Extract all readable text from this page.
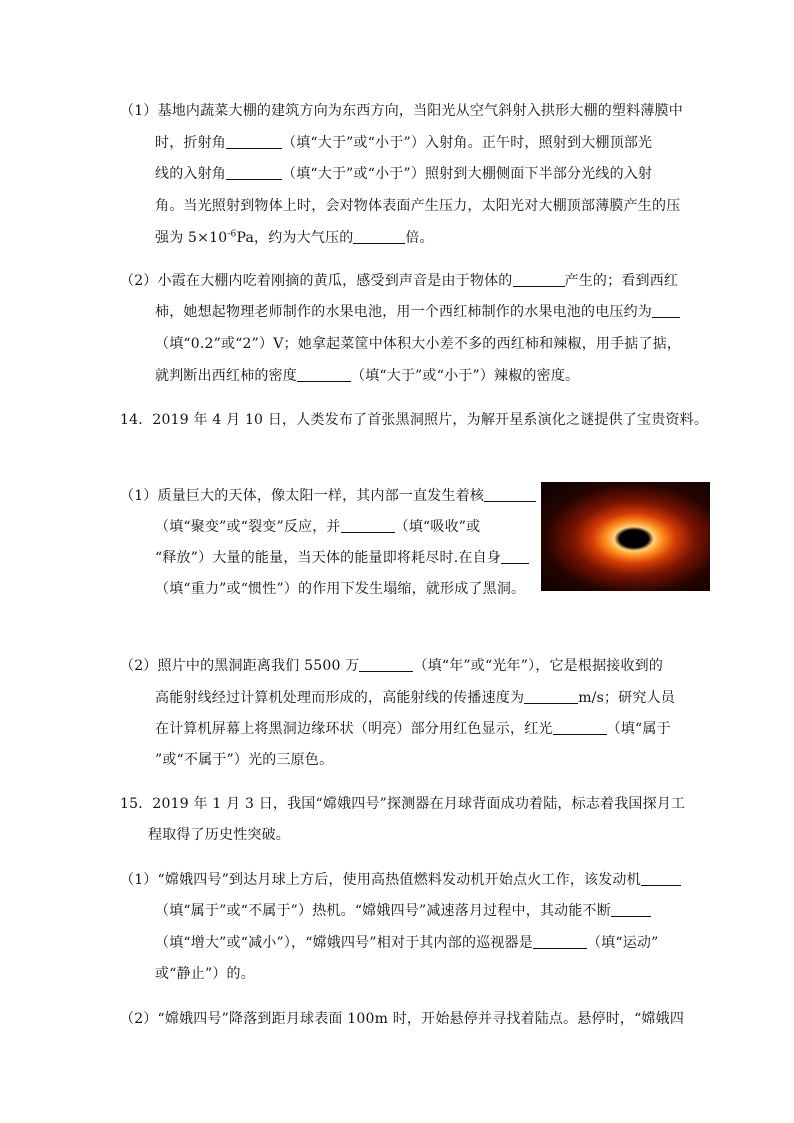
（1）基地内蔬菜大棚的建筑方向为东西方向，当阳光从空气斜射入拱形大棚的塑料薄膜中
时，折射角	（填“大于”或“小于”）入射角。正午时，照射到大棚顶部光
线的入射角	（填“大于”或“小于”）照射到大棚侧面下半部分光线的入射
角。当光照射到物体上时，会对物体表面产生压力，太阳光对大棚顶部薄膜产生的压
强为 $5\times 10^{-6}Pa$，约为大气压的	倍。
（2）小霞在大棚内吃着刚摘的黄瓜，感受到声音是由于物体的	产生的；看到西红
柿，她想起物理老师制作的水果电池，用一个西红柿制作的水果电池的电压约为
（填“0.2”或“2”）V；她拿起菜筐中体积大小差不多的西红柿和辣椒，用手掂了掂，
就判断出西红柿的密度	（填“大于”或“小于”）辣椒的密度。
14．2019 年 4 月 10 日，人类发布了首张黑洞照片，为解开星系演化之谜提供了宝贵资料。
（1）质量巨大的天体，像太阳一样，其内部一直发生着核
（填“聚变”或“裂变”反应，并	（填“吸收”或
“释放”）大量的能量，当天体的能量即将耗尽时.在自身
（填“重力”或“惯性”）的作用下发生塌缩，就形成了黑洞。
（2）照片中的黑洞距离我们 5500 万	（填“年”或“光年”），它是根据接收到的
高能射线经过计算机处理而形成的，高能射线的传播速度为	m/s；研究人员
在计算机屏幕上将黑洞边缘环状（明亮）部分用红色显示，红光	（填“属于
”或“不属于”）光的三原色。
15．2019 年 1 月 3 日，我国“嫦娥四号”探测器在月球背面成功着陆，标志着我国探月工
程取得了历史性突破。
（1）“嫦娥四号”到达月球上方后，使用高热值燃料发动机开始点火工作，该发动机
（填“属于”或“不属于”）热机。“嫦娥四号”减速落月过程中，其动能不断
（填“增大”或“减小”），“嫦娥四号”相对于其内部的巡视器是	（填“运动”
或“静止”）的。
（2）“嫦娥四号”降落到距月球表面 100m 时，开始悬停并寻找着陆点。悬停时，“嫦娥四
